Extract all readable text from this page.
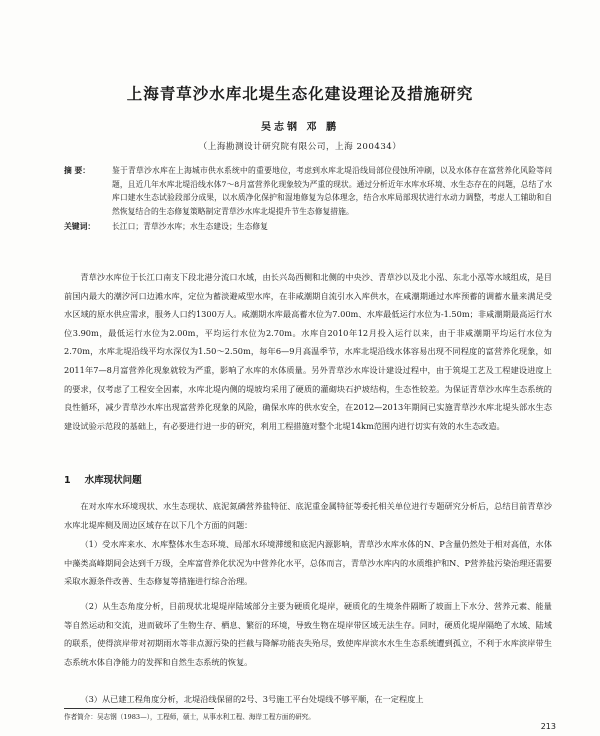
上海青草沙水库北堤生态化建设理论及措施研究
吴志钢 邓 鹏
（上海勘测设计研究院有限公司，上海 200434）
摘 要：	鉴于青草沙水库在上海城市供水系统中的重要地位，考虑到水库北堤沿线局部位侵蚀所冲刷，以及水体存在富营养化风险等问题，且近几年水库北堤沿线水体7～8月富营养化现象较为严重的现状。通过分析近年水库水环境、水生态存在的问题，总结了水库口建水生态试验段部分成果，以水质净化保护和湿地修复为总体理念，结合水库局部现状进行水动力调整，考虑人工辅助和自然恢复结合的生态修复策略制定青草沙水库北堤提升节生态修复措施。
关键词：	长江口；青草沙水库；水生态建设；生态修复
青草沙水库位于长江口南支下段北港分流口水域，由长兴岛西侧和北侧的中央沙、青草沙以及北小泓、东北小泓等水域组成，是目前国内最大的潮汐河口边滩水库，定位为蓄淡避咸型水库，在非咸潮期自流引水入库供水，在咸潮期通过水库预蓄的调蓄水量来满足受水区域的原水供应需求，服务人口约1300万人。咸潮期水库最高蓄水位为7.00m、水库最低运行水位为-1.50m；非咸潮期最高运行水位3.90m，最低运行水位为2.00m，平均运行水位为2.70m。水库自2010年12月投入运行以来，由于非咸潮期平均运行水位为2.70m，水库北堤沿线平均水深仅为1.50～2.50m，每年6—9月高温季节，水库北堤沿线水体容易出现不同程度的富营养化现象，如2011年7—8月富营养化现象就较为严重，影响了水库的水体质量。另外青草沙水库设计建设过程中，由于筑堤工艺及工程建设进度上的要求，仅考虑了工程安全因素，水库北堤内侧的堤坡均采用了硬质的灌砌块石护坡结构，生态性较差。为保证青草沙水库生态系统的良性循环，减少青草沙水库出现富营养化现象的风险，确保水库的供水安全，在2012—2013年期间已实施青草沙水库北堤头部水生态建设试验示范段的基础上，有必要进行进一步的研究，利用工程措施对整个北堤14km范围内进行切实有效的水生态改造。
1 水库现状问题
在对水库水环境现状、水生态现状、底泥氮磷营养盐特征、底泥重金属特征等委托相关单位进行专题研究分析后，总结目前青草沙水库北堤库侧及周边区域存在以下几个方面的问题：
（1）受水库来水、水库整体水生态环境、局部水环境滞缓和底泥内源影响，青草沙水库水体的N、P含量仍然处于相对高值，水体中藻类高峰期间会达到千万级，全库富营养化状况为中营养化水平，总体而言，青草沙水库内的水质维护和N、P营养盐污染治理还需要采取水源条件改善、生态修复等措施进行综合治理。
（2）从生态角度分析，目前现状北堤堤岸陆域部分主要为硬质化堤岸，硬质化的生境条件隔断了坡面上下水分、营养元素、能量等自然运动和交流，进而破坏了生物生存、栖息、繁衍的环境，导致生物在堤岸带区域无法生存。同时，硬质化堤岸隔绝了水域、陆域的联系，使得滨岸带对初期雨水等非点源污染的拦截与降解功能丧失殆尽，致使库岸滨水水生生态系统遭到孤立，不利于水库滨岸带生态系统水体自净能力的发挥和自然生态系统的恢复。
（3）从已建工程角度分析，北堤沿线保留的2号、3号施工平台处堤线不够平顺，在一定程度上
作者简介：吴志钢（1983—），工程师，硕士，从事水利工程、海岸工程方面的研究。
213
